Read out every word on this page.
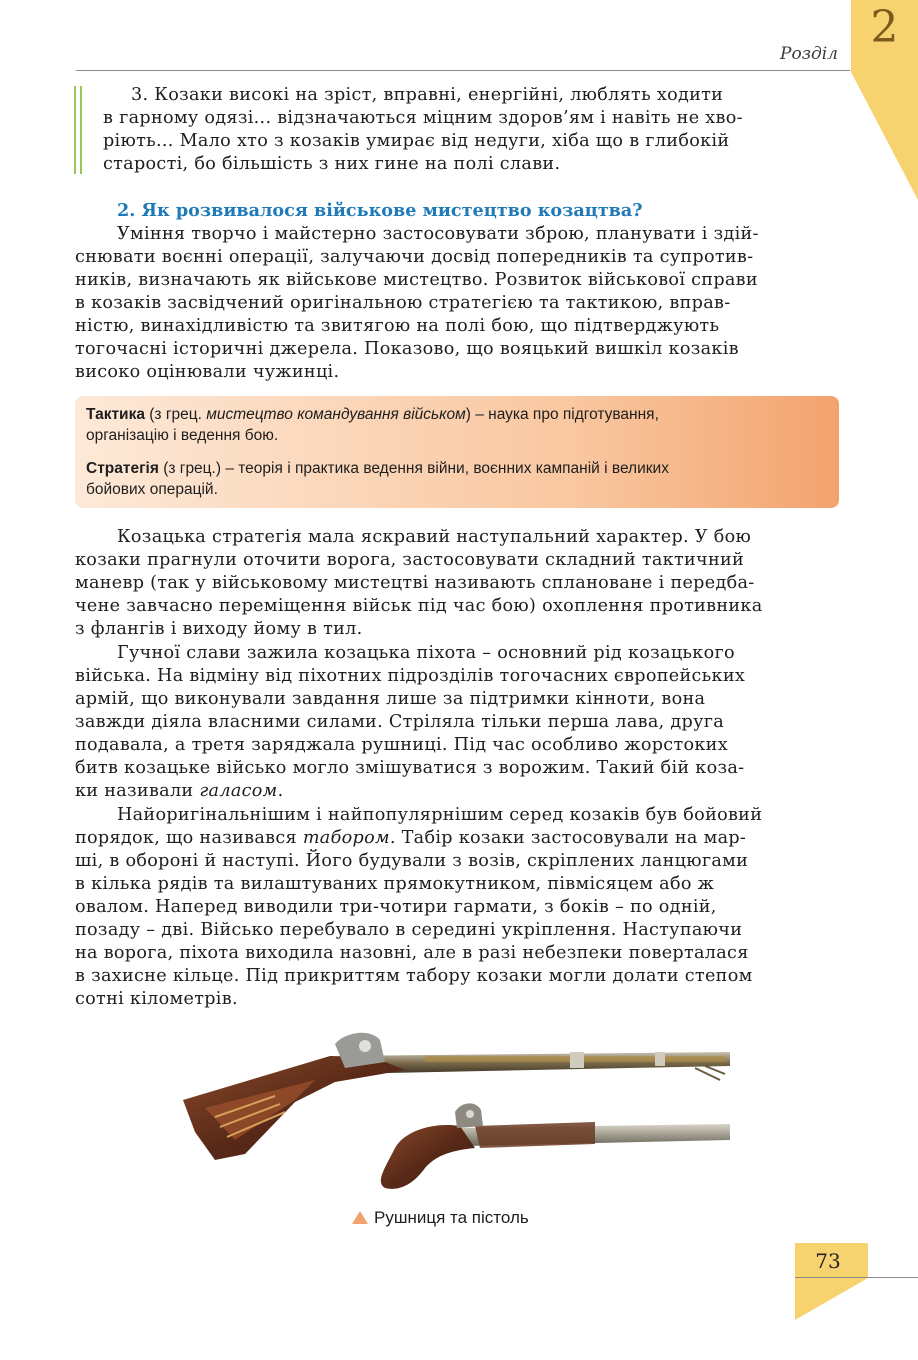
Розділ
2
3. Козаки високі на зріст, вправні, енергійні, люблять ходити
в гарному одязі... відзначаються міцним здоров’ям і навіть не хво-
ріють... Мало хто з козаків умирає від недуги, хіба що в глибокій
старості, бо більшість з них гине на полі слави.
2. Як розвивалося військове мистецтво козацтва?
Уміння творчо і майстерно застосовувати зброю, планувати і здій-
снювати воєнні операції, залучаючи досвід попередників та супротив-
ників, визначають як військове мистецтво. Розвиток військової справи
в козаків засвідчений оригінальною стратегією та тактикою, вправ-
ністю, винахідливістю та звитягою на полі бою, що підтверджують
тогочасні історичні джерела. Показово, що вояцький вишкіл козаків
високо оцінювали чужинці.
Тактика (з грец. мистецтво командування військом) – наука про підготування,
організацію і ведення бою.
Стратегія (з грец.) – теорія і практика ведення війни, воєнних кампаній і великих
бойових операцій.
Козацька стратегія мала яскравий наступальний характер. У бою
козаки прагнули оточити ворога, застосовувати складний тактичний
маневр (так у військовому мистецтві називають сплановане і передба-
чене завчасно переміщення військ під час бою) охоплення противника
з флангів і виходу йому в тил.
Гучної слави зажила козацька піхота – основний рід козацького
війська. На відміну від піхотних підрозділів тогочасних європейських
армій, що виконували завдання лише за підтримки кінноти, вона
завжди діяла власними силами. Стріляла тільки перша лава, друга
подавала, а третя заряджала рушниці. Під час особливо жорстоких
битв козацьке військо могло змішуватися з ворожим. Такий бій коза-
ки називали галасом.
Найоригінальнішим і найпопулярнішим серед козаків був бойовий
порядок, що називався табором. Табір козаки застосовували на мар-
ші, в обороні й наступі. Його будували з возів, скріплених ланцюгами
в кілька рядів та вилаштуваних прямокутником, півмісяцем або ж
овалом. Наперед виводили три-чотири гармати, з боків – по одній,
позаду – дві. Військо перебувало в середині укріплення. Наступаючи
на ворога, піхота виходила назовні, але в разі небезпеки поверталася
в захисне кільце. Під прикриттям табору козаки могли долати степом
сотні кілометрів.
Рушниця та пістоль
73
